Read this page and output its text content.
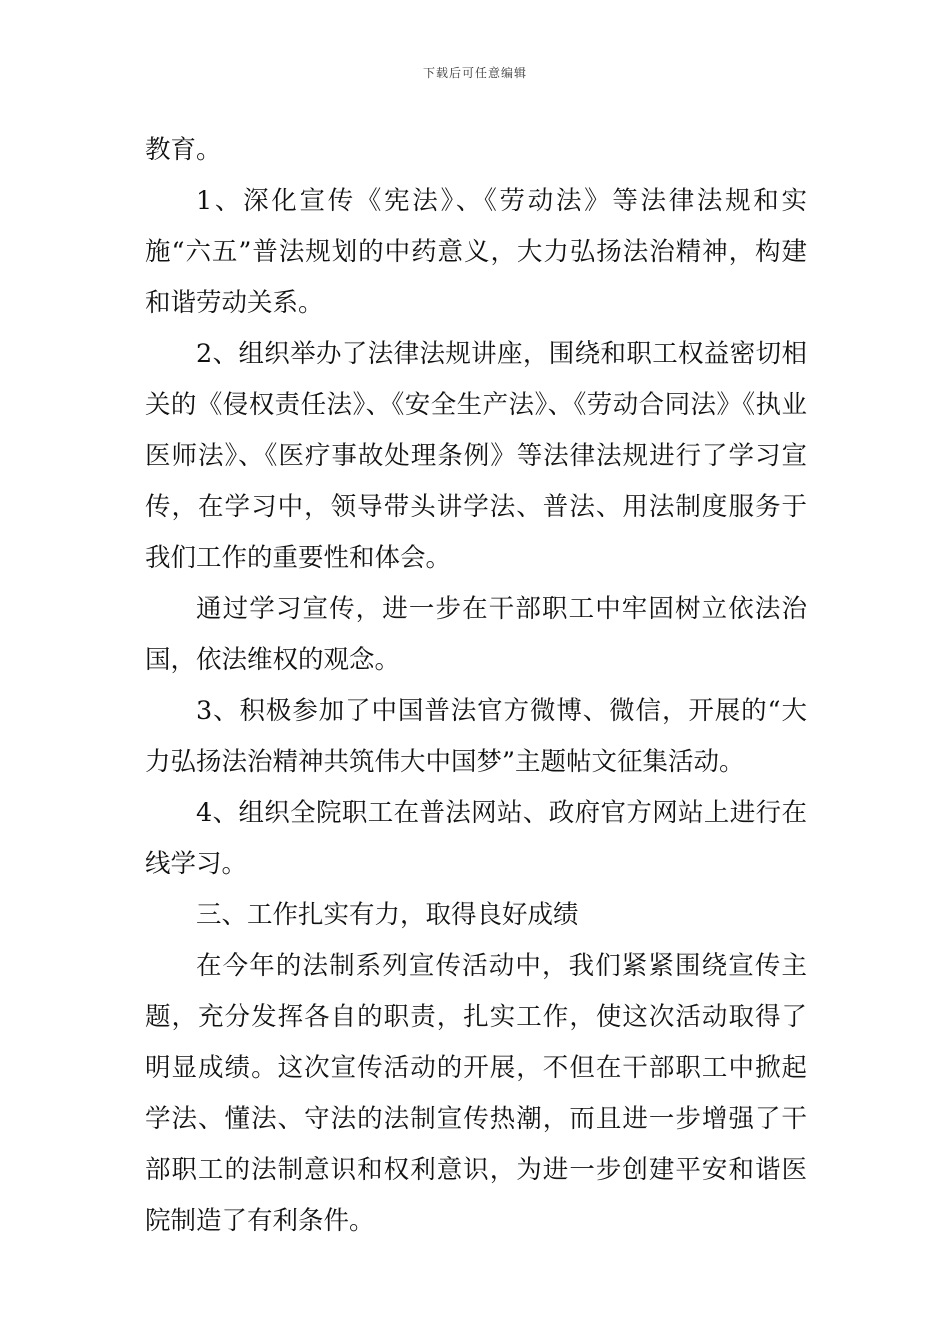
下载后可任意编辑

教育。

1、深化宣传《宪法》、《劳动法》等法律法规和实施“六五”普法规划的中药意义，大力弘扬法治精神，构建和谐劳动关系。

2、组织举办了法律法规讲座，围绕和职工权益密切相关的《侵权责任法》、《安全生产法》、《劳动合同法》《执业医师法》、《医疗事故处理条例》等法律法规进行了学习宣传，在学习中，领导带头讲学法、普法、用法制度服务于我们工作的重要性和体会。

通过学习宣传，进一步在干部职工中牢固树立依法治国，依法维权的观念。

3、积极参加了中国普法官方微博、微信，开展的“大力弘扬法治精神共筑伟大中国梦”主题帖文征集活动。

4、组织全院职工在普法网站、政府官方网站上进行在线学习。

三、工作扎实有力，取得良好成绩

在今年的法制系列宣传活动中，我们紧紧围绕宣传主题，充分发挥各自的职责，扎实工作，使这次活动取得了明显成绩。这次宣传活动的开展，不但在干部职工中掀起学法、懂法、守法的法制宣传热潮，而且进一步增强了干部职工的法制意识和权利意识，为进一步创建平安和谐医院制造了有利条件。
